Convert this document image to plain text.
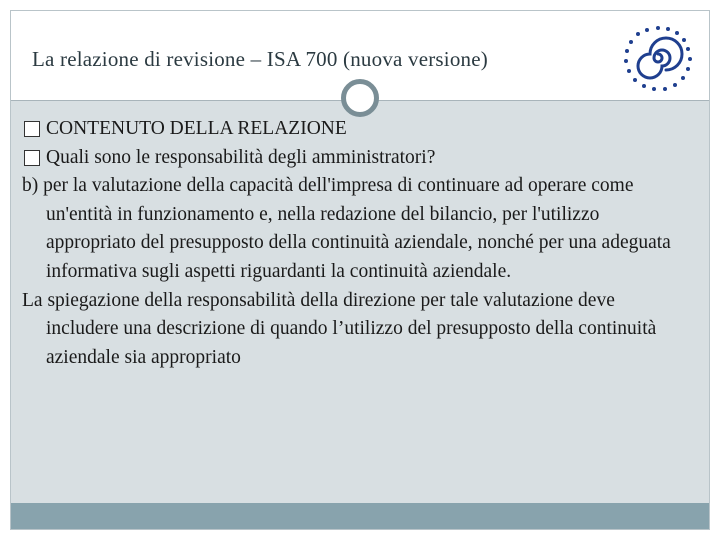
La relazione di revisione – ISA 700 (nuova versione)
CONTENUTO DELLA RELAZIONE
Quali sono le responsabilità degli amministratori?

b) per la valutazione della capacità dell'impresa di continuare ad operare come un'entità in funzionamento e, nella redazione del bilancio, per l'utilizzo appropriato del presupposto della continuità aziendale, nonché per una adeguata informativa sugli aspetti riguardanti la continuità aziendale.

La spiegazione della responsabilità della direzione per tale valutazione deve includere una descrizione di quando l’utilizzo del presupposto della continuità aziendale sia appropriato
